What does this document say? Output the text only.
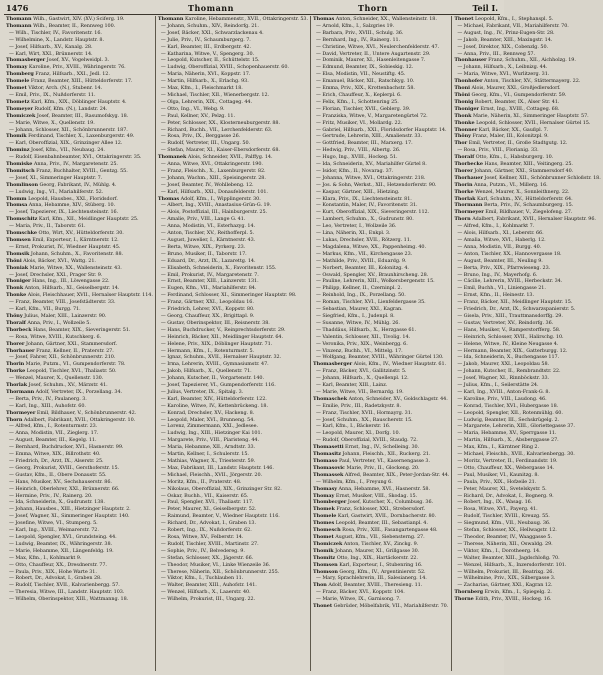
1476	Thomann	Thorn	Teil I.
Thomann Wilh., Gastwirt, XIV. (XV.) Sciferg. 19.
Thomann Wilh., Beamter, II., Rennweg 100.
— Wilh., Tischler, IV., Favoritenstr. 16.
— Wilhelmine, X., Landstr. Hauptstr. 8.
— Josef, Hilfsarb., XV., Kanalg. 28.
— Karl, Wirt, XXI., Brünnerstr. 14.
Thomasberger Josef, XV., Vogelweidpl. 3.
Thomay Karoline, Priv., XVIII., Währingerstr. 76.
Thomberg Franz, Hilfsarb., XXI., Jedl. 12.
Thomele Franz, Beamter, XIII., Hütteldorferstr. 17.
Thomet Viktor, Arch. (N.), Stubenr. 14.
— Emil, Priv., IX., Nußdorferstr. 11.
Thometz Karl, Kfm., XIX., Döblinger Hauptstr. 4.
Thomeyer Rudolf, Kfm. (N.), Landstr. 24.
Thomiczek Josef, Beamter, III., Rasumofskyg. 18.
— Marie, Witwe, X., Quellenstr. 19.
— Johann, Schlosser, XII., Schönbrunnerstr. 187.
Thomik Ferdinand, Tischler, X., Laxenburgerstr. 49.
— Karl, Oberoffizial, XIX., Grinzinger Allee 12.
Thominz Josef, Kfm., VII., Neubaug. 24.
— Rudolf, Eisenbahnbeamter, XVI., Ottakringerstr. 35.
Thomiske Anna, Priv., IV., Margaretenstr. 25.
Thomitsch Franz, Buchhalter, XVIII., Gentzg. 55.
— Josef, XI., Simmeringer Hauptstr. 7.
Thomlinson Georg, Fabrikant, IV., Mühlg. 4.
— Ludwig, Ing., VI., Mariahilferstr. 52.
Thomm Leopold, Hausbes., XXI., Floridsdorf.
Thomsa Anna, Hebamme, XIV., Stüberg. 10.
— Josef, Tapezierer, IX., Liechtensteinstr. 16.
Thomschitz Karl, Kfm., XII., Meidlinger Hauptstr. 25.
— Maria, Priv., II., Taborstr. 61.
Thomschke Otto, Wirt, XV., Hütteldorferstr. 30.
Thomsen Emil, Exporteur, I., Kärntnerstr. 12.
— Ernst, Prokurist, IV., Wiedner Hauptstr. 45.
Thomsik Johann, Schuhm., X., Favoritenstr. 88.
Thöni Alois, Bäcker, XVI., Wattg. 21.
Thoniak Marie, Witwe, XX., Wallensteinstr. 43.
— Josef, Drechsler, XXI., Prager Str. 9.
Thoniger Hans, Ing., III., Löwengasse 22.
Thonk Anton, Hilfsarb., XI., Geiselbergstr. 14.
Thonke Alois, Fleischhauer, XVII., Hernalser Hauptstr. 114.
— Franz, Beamter, VIII., Josefstädterstr. 33.
— Karl, Kfm., VII., Burgg. 71.
Thöny Julius, Maler, XIII., Lainzerstr. 90.
Thoralf Anna, Priv., I., Wollzeile 5.
Thorbeck Hans, Beamter, XIX., Sieveringerstr. 51.
— Rosa, Witwe, XVIII., Kutschkerg. 6.
Thorer Johann, Gärtner, XXI., Stammersdorf.
Thorhauer Franz, Kellner, II., Praterstr. 27.
— Josef, Fahrer, XII., Schönbrunnerstr. 210.
Thorin Marie, Putzm., VI., Gumpendorferstr. 78.
Thorke Leopold, Tischler, XVI., Thaliastr. 50.
— Wenzel, Maurer, X., Quellenstr. 130.
Thorlak Josef, Schuhm., XV., Märzstr. 41.
Thormann Adolf, Vertreter, IX., Porzellang. 34.
— Berta, Priv., IV., Paulanerg. 3.
— Karl, Ing., XIII., Auhofstr. 60.
Thormeyer Emil, Bildhauer, V., Schönbrunnerstr. 42.
Thorn Adalbert, Fabrikant, XVII., Ottakringerstr. 10.
— Alfred, Kfm., I., Rotenturmstr. 23.
— Anna, Modistin, VII., Zieglerg. 17.
— August, Beamter, III., Kegelg. 11.
— Bernhard, Buchdrucker, XVI., Hasnerstr. 99.
— Emma, Witwe, XIX., Billrothstr. 40.
— Friedrich, Dr., Arzt, IX., Alserstr. 25.
— Georg, Prokurist, XVIII., Gersthoferstr. 15.
— Gustav, Kfm., II., Obere Donaustr. 55.
— Hans, Musiker, XV., Sechshauserstr. 86.
— Heinrich, Oberlehrer, XXI., Brünnerstr. 66.
— Hermine, Priv., IV., Rainerg. 20.
— Ida, Schneiderin, X., Gudrunstr. 138.
— Johann, Hausbes., XIII., Hietzinger Hauptstr. 2.
— Josef, Wagner, XI., Simmeringer Hauptstr. 140.
— Josefine, Witwe, VI., Stumperg. 5.
— Karl, Ing., XVIII., Weimarerstr. 72.
— Leopold, Spengler, XVI., Grundsteing. 44.
— Ludwig, Beamter, IX., Währingerstr. 38.
— Marie, Hebamme, XII., Längenfeldg. 19.
— Max, Kfm., I., Kohlmarkt 9.
— Otto, Chauffeur, XX., Dresdnerstr. 77.
— Paula, Priv., XIX., Hohe Warte 31.
— Robert, Dr., Advokat, I., Graben 28.
— Rudolf, Tischler, XVII., Kalvarienbergg. 57.
— Theresia, Witwe, III., Landstr. Hauptstr. 103.
— Wilhelm, Oberinspektor, XIII., Wattmanng. 18.
Thomann Karoline, Hebammenstr., XVII., Ottakringerstr. 53.
— Johann, Schuhm., XIV., Reindorfg. 21.
— Josef, Bäcker, XXI., Schwarzlackenau 4.
— Julie, Priv., IV., Schaumburgerg. 7.
— Karl, Beamter, III., Erdbergstr. 42.
— Katharina, Witwe, V., Spengerg. 30.
— Leopold, Kutscher, II., Schüttelstr. 15.
— Ludwig, Oberoffizial, XVIII., Schopenhauerstr. 60.
— Maria, Näherin, XVI., Koppstr. 17.
— Martin, Hilfsarb., X., Erlachg. 93.
— Max, Kfm., I., Fleischmarkt 18.
— Michael, Tischler, XII., Wienerbergstr. 12.
— Olga, Lehrerin, XIX., Cottageg. 44.
— Otto, Ing., VI., Webg. 9.
— Paul, Kellner, XV., Pelzg. 11.
— Peter, Schlosser, XX., Klosterneuburgerstr. 88.
— Richard, Buchh., VII., Lerchenfelderstr. 63.
— Rosa, Priv., IX., Berggasse 26.
— Rudolf, Vertreter, III., Ungarg. 50.
— Stefan, Maurer, XI., Kaiser-Ebersdorferstr. 68.
Thomanek Alois, Schneider, XVII., Palffyg. 14.
— Anna, Witwe, XVI., Ottakringerstr. 190.
— Franz, Fleischh., X., Laxenburgerstr. 82.
— Johann, Wachm., XIII., Speisingerstr. 28.
— Josef, Beamter, IV., Wohllebeng. 12.
— Karl, Hilfsarb., XXI., Donaufelderstr. 101.
Thomas Adolf, Kfm., I., Wipplingerstr. 30.
— Albert, Ing., XVIII., Anastasius-Grün-G. 19.
— Alois, Postoffizial, III., Hainburgerstr. 25.
— Amalie, Priv., VIII., Lange G. 41.
— Anna, Modistin, VI., Esterhazyg. 14.
— Anton, Tischler, XV., Reithofferpl. 5.
— August, Juwelier, I., Kärntnerstr. 43.
— Berta, Witwe, XIX., Pyrkerg. 23.
— Bruno, Musiker, II., Taborstr. 17.
— Eduard, Dr., Arzt, IX., Lazarettg. 14.
— Elisabeth, Schneiderin, X., Favoritenstr. 155.
— Emil, Prokurist, IV., Margaretenstr. 7.
— Ernst, Beamter, XIII., Lainzerstr. 131.
— Eugen, Kfm., VII., Mariahilferstr. 84.
— Ferdinand, Schlosser, XI., Simmeringer Hauptstr. 98.
— Franz, Gärtner, XXI., Leopoldau 16.
— Friedrich, Lehrer, XVI., Koppstr. 80.
— Georg, Chauffeur, XX., Brigittapl. 9.
— Gustav, Oberinspektor, III., Reisnerstr. 38.
— Hans, Buchdrucker, V., Reinprechtsdorferstr. 29.
— Heinrich, Bäcker, XII., Meidlinger Hauptstr. 64.
— Helene, Priv., XIX., Döblinger Hauptstr. 71.
— Hermann, Kfm., I., Rotenturmstr. 5.
— Ignaz, Schuhm., XVII., Hernalser Hauptstr. 32.
— Irma, Lehrerin, XVIII., Gymnasiumstr. 47.
— Jakob, Hilfsarb., X., Quellenstr. 71.
— Johann, Kutscher, II., Vorgartenstr. 140.
— Josef, Tapezierer, VI., Gumpendorferstr. 116.
— Julius, Vertreter, IX., Spitalg. 3.
— Karl, Beamter, XIV., Hütteldorferstr. 122.
— Karoline, Witwe, IV., Kettenbrückeng. 18.
— Konrad, Drechsler, XV., Hackeng. 8.
— Leopold, Maler, XVI., Brunneng. 54.
— Lorenz, Zimmermann, XXI., Jedlesee.
— Ludwig, Ing., XIII., Hietzinger Kai 101.
— Margarete, Priv., VIII., Piaristeng. 44.
— Maria, Hebamme, XII., Arndtstr. 33.
— Martin, Kellner, I., Schulerstr. 15.
— Mathias, Wagner, X., Triesterstr. 59.
— Max, Fabrikant, III., Landstr. Hauptstr. 146.
— Michael, Fleischh., XVII., Jörgerstr. 20.
— Moritz, Kfm., II., Praterstr. 48.
— Nikolaus, Oberoffizial, XIX., Grinzinger Str. 82.
— Oskar, Buchh., VII., Kaiserstr. 65.
— Paul, Spengler, XVI., Thaliastr. 117.
— Peter, Maurer, XI., Geiselbergstr. 52.
— Raimund, Beamter, V., Wiedner Hauptstr. 116.
— Richard, Dr., Advokat, I., Graben 13.
— Robert, Ing., IX., Nußdorferstr. 62.
— Rosa, Witwe, XV., Felberstr. 14.
— Rudolf, Tischler, XVIII., Martinstr. 27.
— Sophie, Priv., IV., Belvedereg. 9.
— Stefan, Schlosser, XX., Jägerstr. 66.
— Theodor, Musiker, VI., Linke Wienzeile 36.
— Therese, Näherin, XII., Schönbrunnerstr. 255.
— Viktor, Kfm., I., Tuchlauben 11.
— Walter, Beamter, XIII., Auhofstr. 141.
— Wenzel, Hilfsarb., X., Laaerstr. 40.
— Wilhelm, Prokurist, III., Ungarg. 22.
Thomas Anton, Schneider, XX., Wallensteinstr. 18.
— Arnold, Kfm., I., Salzgries 19.
— Barbara, Priv., XVIII., Schulg. 36.
— Bernhard, Ing., IV., Rainerg. 11.
— Christine, Witwe, XVI., Neulerchenfelderstr. 47.
— David, Vertreter, II., Untere Augartenstr. 29.
— Dominik, Maurer, XI., Hasenleitengasse 7.
— Edmund, Beamter, IX., Sobieskig. 12.
— Elsa, Modistin, VII., Neustiftg. 45.
— Emanuel, Bäcker, XII., Ratschkyg. 10.
— Emma, Priv., XIX., Krottenbachstr. 58.
— Erich, Chauffeur, X., Keplerpl. 6.
— Felix, Kfm., I., Schottenring 25.
— Florian, Tischler, XVII., Geblerg. 39.
— Franziska, Witwe, V., Margaretengürtel 72.
— Fritz, Musiker, VI., Mollardg. 22.
— Gabriel, Hilfsarb., XXI., Floridsdorfer Hauptstr. 14.
— Gertrude, Lehrerin, XIII., Amalienstr. 33.
— Gottfried, Beamter, III., Marxerg. 17.
— Hedwig, Priv., VIII., Albertg. 26.
— Hugo, Ing., XVIII., Hockeg. 51.
— Ida, Schneiderin, XV., Mariahilfer Gürtel 8.
— Isidor, Kfm., II., Novarag. 37.
— Johanna, Witwe, XVI., Ottakringerstr. 218.
— Jos. & Sohn, Werkst., XII., Hetzendorferstr. 90.
— Kaspar, Gärtner, XIII., Hietzing.
— Klara, Priv., IX., Liechtensteinstr. 81.
— Konstantin, Maler, IV., Favoritenstr. 31.
— Kurt, Oberoffizial, XIX., Sieveringerstr. 112.
— Lambert, Schuhm., X., Gudrunstr. 80.
— Leo, Vertreter, I., Wollzeile 36.
— Lina, Näherin, XI., Enkpl. 3.
— Lukas, Drechsler, XVII., Rötzerg. 11.
— Magdalena, Witwe, XX., Pappenheimg. 40.
— Markus, Kfm., VII., Kirchengasse 23.
— Mathilde, Priv., XVIII., Eduardg. 9.
— Norbert, Beamter, III., Kolonitzg. 4.
— Oswald, Spengler, XV., Braunhirscheng. 28.
— Pauline, Lehrerin, XIII., Wolkersbergenstr. 15.
— Philipp, Kellner, II., Czerninpl. 2.
— Reinhold, Ing., IX., Porzellang. 50.
— Roman, Tischler, XVI., Lienfeldergasse 35.
— Sebastian, Maurer, XXI., Kagran.
— Siegfried, Kfm., I., Judenpl. 8.
— Susanne, Witwe, IV., Mühlg. 26.
— Thaddäus, Hilfsarb., X., Herzgasse 61.
— Valentin, Schlosser, XII., Tivolig. 14.
— Veronika, Priv., XIX., Weinbergg. 6.
— Vinzenz, Buchh., VI., Mittelg. 17.
— Wolfgang, Beamter, XVIII., Währinger Gürtel 130.
Thomasberger Alois, Kfm., IV., Wiedner Hauptstr. 61.
— Franz, Bäcker, XVI., Gallitzinstr. 5.
— Johann, Hilfsarb., X., Quellenpl. 12.
— Karl, Beamter, XIII., Lainz.
— Marie, Witwe, VII., Bernardg. 19.
Thomaschek Anton, Schneider, XV., Goldschlagstr. 44.
— Emilie, Priv., III., Radetzkystr. 8.
— Franz, Tischler, XVII., Hormayrg. 31.
— Josef, Schuhm., XX., Rauscherstr. 15.
— Karl, Kfm., I., Bäckerstr. 16.
— Leopold, Maurer, XI., Dorfg. 10.
— Rudolf, Oberoffizial, XVIII., Staudg. 72.
Thomasetti Ernst, Ing., IV., Schelleing. 30.
Thomasitz Johann, Fleischh., XII., Ruckerg. 21.
Thomaso Paul, Vertreter, VI., Kasernengasse 3.
Thomasovic Marie, Priv., II., Glockeng. 20.
Thomassek Alfred, Beamter, XIX., Peter-Jordan-Str. 44.
— Wilhelm, Kfm., I., Freyung 6.
Thomasy Anna, Hebamme, XVI., Hasnerstr. 58.
Thomay Ernst, Musiker, VIII., Skodag. 15.
Thomberger Josef, Kutscher, X., Columbusg. 36.
Thomek Franz, Schlosser, XXI., Strebersdorf.
Thomele Karl, Gastwirt, XVII., Dornbacherstr. 80.
Thomes Leopold, Beamter, III., Sebastianpl. 4.
Thomesch Rosa, Priv., XIII., Fasangartengasse 48.
Thomet August, Kfm., VII., Siebensterng. 27.
Thomiczek Anton, Tischler, XV., Zinckg. 9.
Thomik Johann, Maurer, XI., Grillgasse 30.
Thomitz Otto, Ing., XIX., Hartäckerstr. 22.
Thomsen Karl, Exporteur, I., Stubenring 16.
Thomson Georg, Kfm., IV., Argentinierstr. 52.
— Mary, Sprachlehrerin, III., Salesianerg. 14.
Thon Adolf, Beamter, XVIII., Theresieng. 11.
— Franz, Bäcker, XVI., Koppstr. 104.
— Marie, Witwe, IX., Garnisong. 7.
Thonet Gebrüder, Möbelfabrik, VII., Mariahilferstr. 70.
Thonet Leopold, Kfm., I., Stephanspl. 5.
— Michael, Fabrikant, VII., Mariahilferstr. 70.
— August, Ing., IV., Prinz-Eugen-Str. 28.
— Jakob, Beamter, XIII., Maxingstr. 14.
— Josef, Direktor, XIX., Cobenzlg. 50.
— Anna, Priv., III., Rennweg 57.
Thonhauser Franz, Schuhm., XII., Aichholzg. 19.
— Johann, Hilfsarb., X., Leibnizg. 44.
— Maria, Witwe, XVI., Wurlitzerg. 31.
Thonhofer Anton, Tischler, XV., Stättermayerg. 22.
Thoni Alois, Maurer, XXI., Großjedlersdorf.
Thöni Georg, Kfm., VI., Gumpendorferstr. 59.
Thonig Robert, Beamter, IX., Alser Str. 41.
Thoniger Ernst, Ing., XVIII., Cottageg. 68.
Thonk Marie, Näherin, XI., Simmeringer Hauptstr. 57.
Thonke Leopold, Schlosser, XVII., Hernalser Gürtel 15.
Thonner Karl, Bäcker, XX., Gaußpl. 7.
Thöny Franz, Maler, III., Kolonitzpl. 9.
Thor Emil, Vertreter, II., Große Stadtgutg. 12.
— Rosa, Priv., VIII., Florianig. 33.
Thoralf Otto, Kfm., I., Habsburgerg. 10.
Thorbecke Hans, Beamter, XIII., Veitingerg. 25.
Thorer Johann, Gärtner, XXI., Stammersdorf 40.
Thorhauer Josef, Kellner, XII., Schönbrunner Schloßstr. 18.
Thorin Anna, Putzm., VI., Millerg. 16.
Thorke Wenzel, Maurer, X., Sonnleithnerg. 22.
Thorlak Karl, Schuhm., XV., Hütteldorferstr. 64.
Thormann Berta, Priv., IV., Schaumburgerg. 15.
Thormeyer Emil, Bildhauer, V., Ziegelofeng. 27.
Thorn Adalbert, Fabrikant, XVII., Hernalser Hauptstr. 96.
— Alfred, Kfm., I., Kohlmarkt 7.
— Alois, Hilfsarb., XI., Leberstr. 66.
— Amalia, Witwe, XVI., Haberlg. 12.
— Anna, Modistin, VII., Burgg. 40.
— Anton, Tischler, XX., Hannovergasse 18.
— August, Beamter, III., Neuling 9.
— Berta, Priv., XIX., Pfarrwieseng. 23.
— Bruno, Ing., IV., Mayerhofg. 6.
— Cäcilie, Lehrerin, XVIII., Herbeckstr. 34.
— Emil, Buchh., VI., Liniengasse 21.
— Ernst, Kfm., II., Heinestr. 13.
— Franz, Bäcker, XII., Meidlinger Hauptstr. 15.
— Friedrich, Dr., Arzt, IX., Schwarzspanierstr. 5.
— Gisela, Priv., XIII., Trauttmansdorffg. 29.
— Gustav, Vertreter, XV., Reindorfg. 36.
— Hans, Musiker, V., Ramperstorfferg. 58.
— Heinrich, Schlosser, XVII., Halirschg. 10.
— Helene, Witwe, IV., Kleine Neugasse 4.
— Hermann, Beamter, XIX., Gatterburgg. 12.
— Ida, Schneiderin, X., Buchengasse 117.
— Jakob, Maurer, XXI., Leopoldau 58.
— Johann, Kutscher, II., Rembrandtstr. 22.
— Josef, Wagner, XI., Rinnböckstr. 33.
— Julius, Kfm., I., Seilerstätte 24.
— Karl, Ing., XVIII., Anton-Frank-G. 8.
— Karoline, Priv., VIII., Laudong. 46.
— Konrad, Tischler, XVI., Hubergasse 18.
— Leopold, Spengler, XII., Rotenmühlg. 60.
— Ludwig, Beamter, III., Sechskrügelg. 2.
— Margarete, Lehrerin, XIII., Gloriettegasse 37.
— Maria, Hebamme, XV., Sperrgasse 11.
— Martin, Hilfsarb., X., Absberggasse 27.
— Max, Kfm., I., Kärntner Ring 2.
— Michael, Fleischh., XVII., Kalvarienbergg. 30.
— Moritz, Vertreter, II., Ferdinandstr. 19.
— Otto, Chauffeur, XX., Webergasse 14.
— Paul, Musiker, VI., Kaunitzg. 8.
— Paula, Priv., XIX., Hofzeile 21.
— Peter, Maurer, XI., Svetelskystr. 5.
— Richard, Dr., Advokat, I., Bognerg. 9.
— Robert, Ing., IX., Wasag. 16.
— Rosa, Witwe, XVI., Payerg. 41.
— Rudolf, Tischler, XVIII., Kreuzg. 55.
— Siegmund, Kfm., VII., Neubaug. 36.
— Stefan, Schlosser, XX., Hellwagstr. 12.
— Theodor, Beamter, IV., Waaggasse 5.
— Therese, Näherin, XII., Oswaldg. 29.
— Viktor, Kfm., I., Dorotheerg. 14.
— Walter, Beamter, XIII., Jagdschloßg. 70.
— Wenzel, Hilfsarb., X., Inzersdorferstr. 101.
— Wilhelm, Prokurist, III., Beatrixg. 26.
— Wilhelmine, Priv., XIX., Silbergasse 3.
— Zacharias, Gärtner, XXI., Kagran 12.
Thornberg Erwin, Kfm., I., Spiegelg. 2.
Thorne Edith, Priv., XVIII., Hockeg. 16.
